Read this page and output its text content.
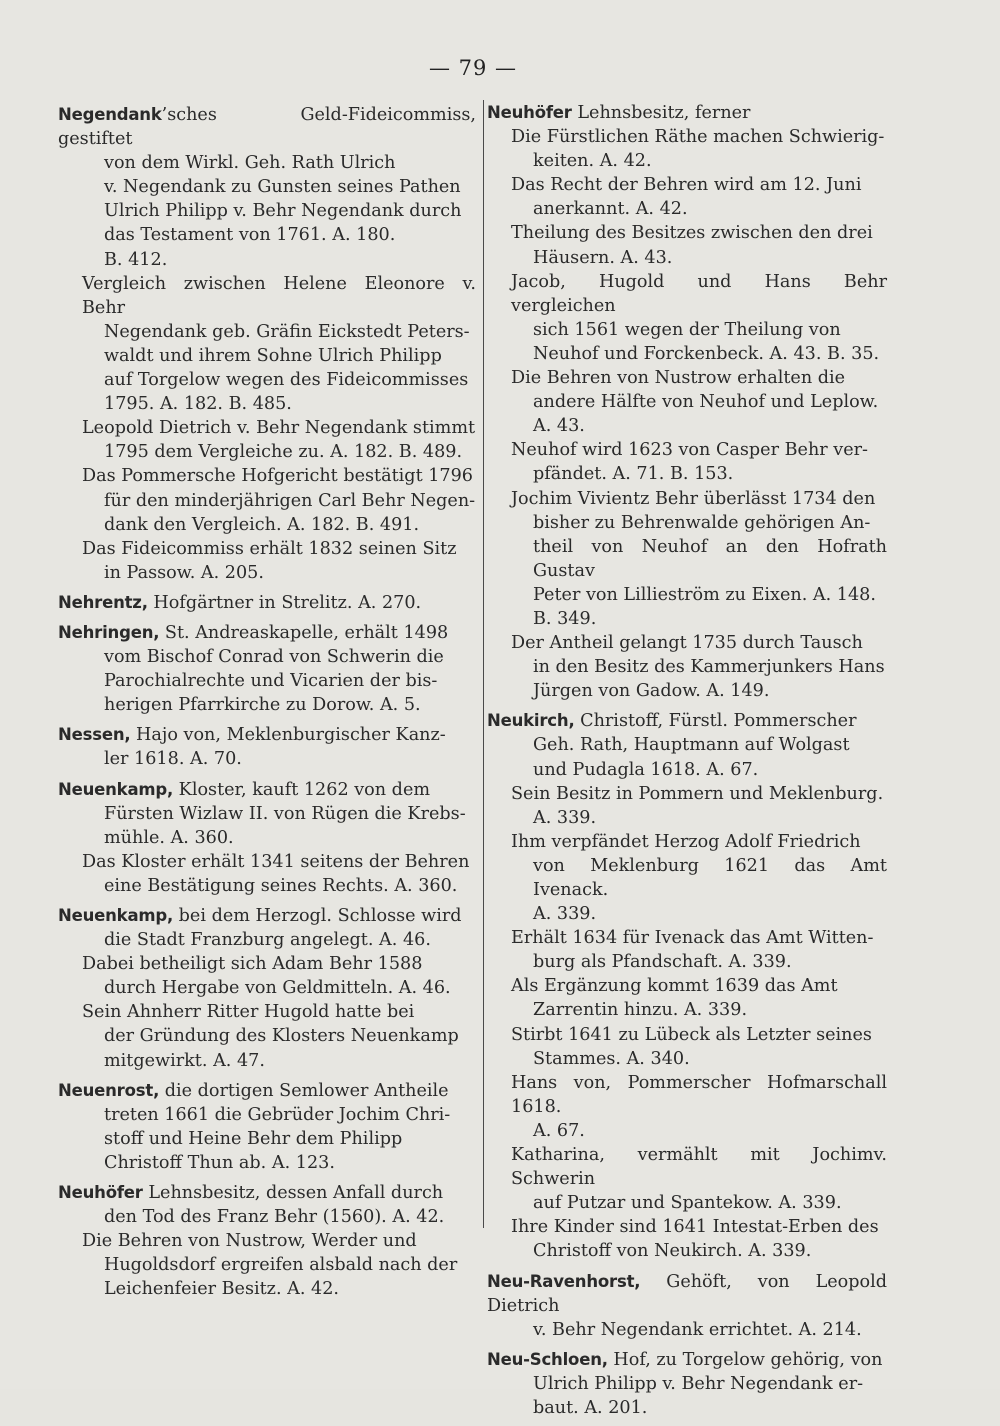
— 79 —
Negendank’sches Geld-Fideicommiss, gestiftet
von dem Wirkl. Geh. Rath Ulrich
v. Negendank zu Gunsten seines Pathen
Ulrich Philipp v. Behr Negendank durch
das Testament von 1761. A. 180.
B. 412.
Vergleich zwischen Helene Eleonore v. Behr
Negendank geb. Gräfin Eickstedt Peters-
waldt und ihrem Sohne Ulrich Philipp
auf Torgelow wegen des Fideicommisses
1795. A. 182. B. 485.
Leopold Dietrich v. Behr Negendank stimmt
1795 dem Vergleiche zu. A. 182. B. 489.
Das Pommersche Hofgericht bestätigt 1796
für den minderjährigen Carl Behr Negen-
dank den Vergleich. A. 182. B. 491.
Das Fideicommiss erhält 1832 seinen Sitz
in Passow. A. 205.
Nehrentz, Hofgärtner in Strelitz. A. 270.
Nehringen, St. Andreaskapelle, erhält 1498
vom Bischof Conrad von Schwerin die
Parochialrechte und Vicarien der bis-
herigen Pfarrkirche zu Dorow. A. 5.
Nessen, Hajo von, Meklenburgischer Kanz-
ler 1618. A. 70.
Neuenkamp, Kloster, kauft 1262 von dem
Fürsten Wizlaw II. von Rügen die Krebs-
mühle. A. 360.
Das Kloster erhält 1341 seitens der Behren
eine Bestätigung seines Rechts. A. 360.
Neuenkamp, bei dem Herzogl. Schlosse wird
die Stadt Franzburg angelegt. A. 46.
Dabei betheiligt sich Adam Behr 1588
durch Hergabe von Geldmitteln. A. 46.
Sein Ahnherr Ritter Hugold hatte bei
der Gründung des Klosters Neuenkamp
mitgewirkt. A. 47.
Neuenrost, die dortigen Semlower Antheile
treten 1661 die Gebrüder Jochim Chri-
stoff und Heine Behr dem Philipp
Christoff Thun ab. A. 123.
Neuhöfer Lehnsbesitz, dessen Anfall durch
den Tod des Franz Behr (1560). A. 42.
Die Behren von Nustrow, Werder und
Hugoldsdorf ergreifen alsbald nach der
Leichenfeier Besitz. A. 42.
Neuhöfer Lehnsbesitz, ferner
Die Fürstlichen Räthe machen Schwierig-
keiten. A. 42.
Das Recht der Behren wird am 12. Juni
anerkannt. A. 42.
Theilung des Besitzes zwischen den drei
Häusern. A. 43.
Jacob, Hugold und Hans Behr vergleichen
sich 1561 wegen der Theilung von
Neuhof und Forckenbeck. A. 43. B. 35.
Die Behren von Nustrow erhalten die
andere Hälfte von Neuhof und Leplow.
A. 43.
Neuhof wird 1623 von Casper Behr ver-
pfändet. A. 71. B. 153.
Jochim Vivientz Behr überlässt 1734 den
bisher zu Behrenwalde gehörigen An-
theil von Neuhof an den Hofrath Gustav
Peter von Lillieström zu Eixen. A. 148.
B. 349.
Der Antheil gelangt 1735 durch Tausch
in den Besitz des Kammerjunkers Hans
Jürgen von Gadow. A. 149.
Neukirch, Christoff, Fürstl. Pommerscher
Geh. Rath, Hauptmann auf Wolgast
und Pudagla 1618. A. 67.
Sein Besitz in Pommern und Meklenburg.
A. 339.
Ihm verpfändet Herzog Adolf Friedrich
von Meklenburg 1621 das Amt Ivenack.
A. 339.
Erhält 1634 für Ivenack das Amt Witten-
burg als Pfandschaft. A. 339.
Als Ergänzung kommt 1639 das Amt
Zarrentin hinzu. A. 339.
Stirbt 1641 zu Lübeck als Letzter seines
Stammes. A. 340.
Hans von, Pommerscher Hofmarschall 1618.
A. 67.
Katharina, vermählt mit Jochimv. Schwerin
auf Putzar und Spantekow. A. 339.
Ihre Kinder sind 1641 Intestat-Erben des
Christoff von Neukirch. A. 339.
Neu-Ravenhorst, Gehöft, von Leopold Dietrich
v. Behr Negendank errichtet. A. 214.
Neu-Schloen, Hof, zu Torgelow gehörig, von
Ulrich Philipp v. Behr Negendank er-
baut. A. 201.
